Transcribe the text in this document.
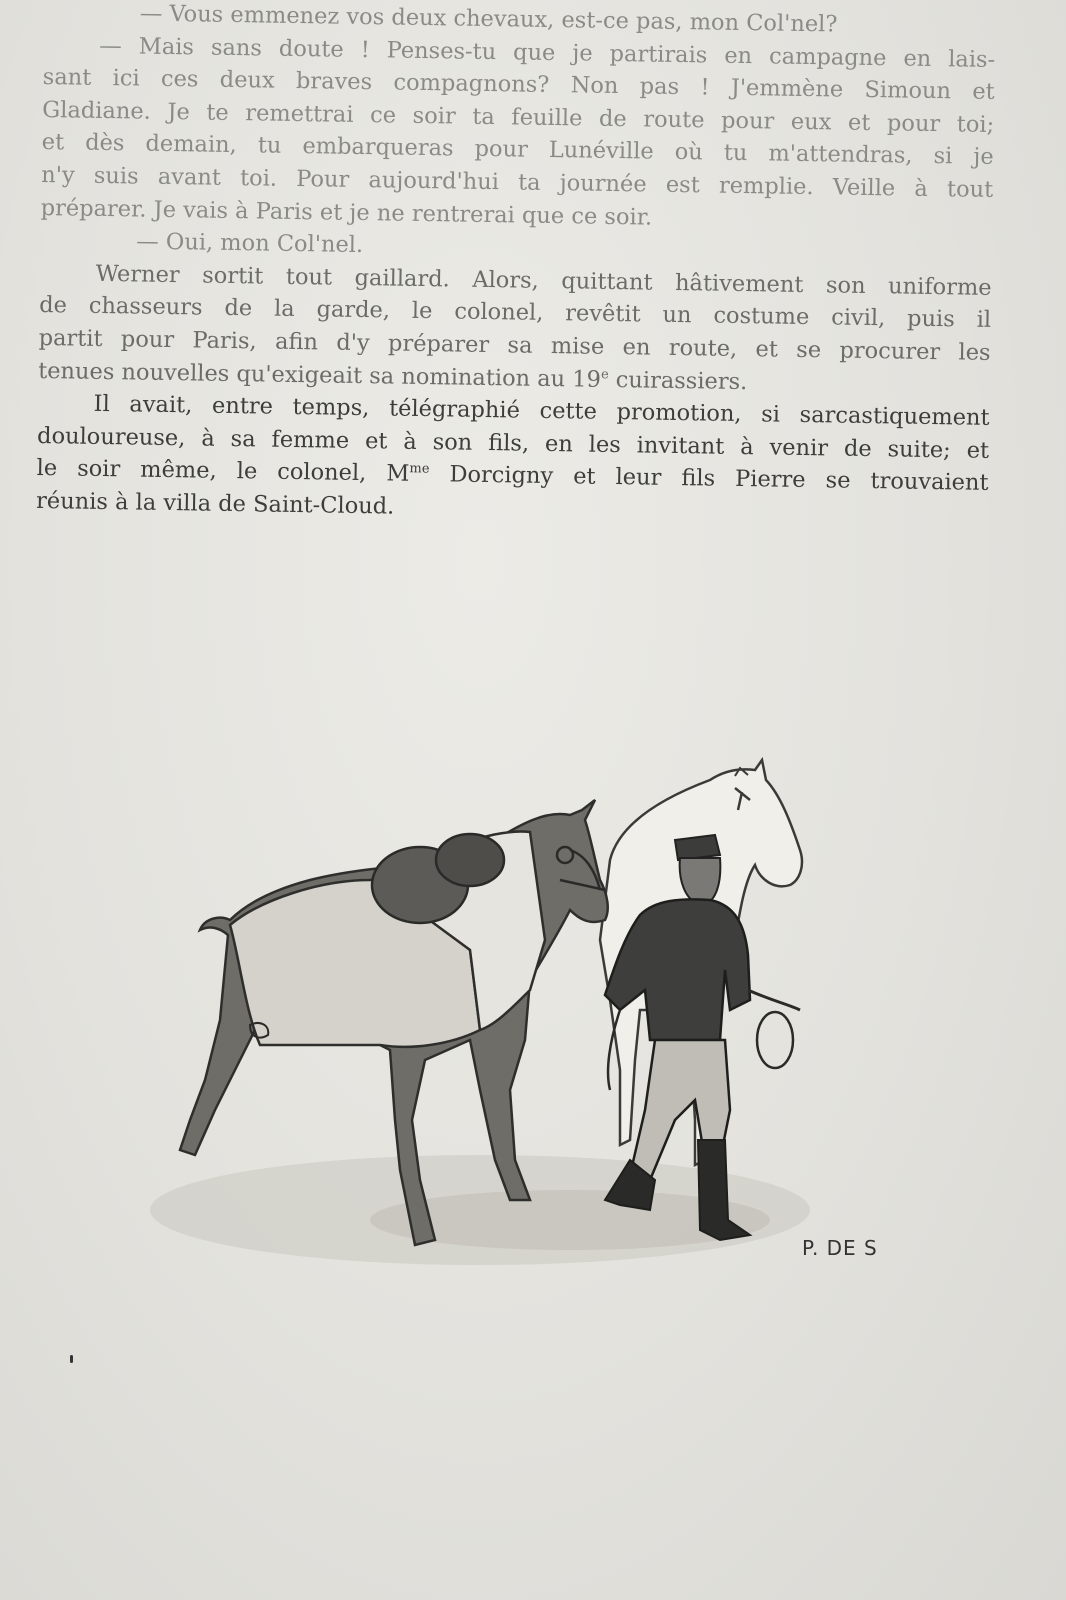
— Vous emmenez vos deux chevaux, est-ce pas, mon Col'nel?
— Mais sans doute ! Penses-tu que je partirais en campagne en lais-
sant ici ces deux braves compagnons? Non pas ! J'emmène Simoun et
Gladiane. Je te remettrai ce soir ta feuille de route pour eux et pour toi;
et dès demain, tu embarqueras pour Lunéville où tu m'attendras, si je
n'y suis avant toi. Pour aujourd'hui ta journée est remplie. Veille à tout
préparer. Je vais à Paris et je ne rentrerai que ce soir.
— Oui, mon Col'nel.
Werner sortit tout gaillard. Alors, quittant hâtivement son uniforme
de chasseurs de la garde, le colonel, revêtit un costume civil, puis il
partit pour Paris, afin d'y préparer sa mise en route, et se procurer les
tenues nouvelles qu'exigeait sa nomination au 19e cuirassiers.
Il avait, entre temps, télégraphié cette promotion, si sarcastiquement
douloureuse, à sa femme et à son fils, en les invitant à venir de suite; et
le soir même, le colonel, $M^{me}$ Dorcigny et leur fils Pierre se trouvaient
réunis à la villa de Saint-Cloud.
P. DE S
